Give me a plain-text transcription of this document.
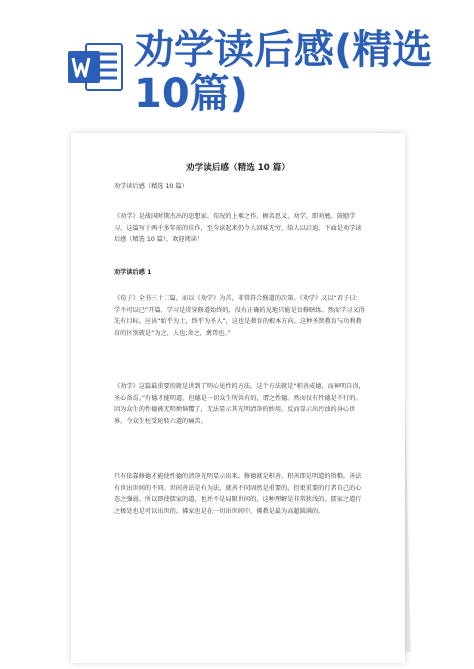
劝学读后感(精选10篇)
劝学读后感（精选 10 篇）
劝学读后感（精选 10 篇）
《劝学》是战国时期杰出的思想家、荀况的上乘之作。顾名思义，劝学，即劝勉、鼓励学习。这篇写于两千多年前的佳作，至今读起来仍令人回味无穷，给人以启迪。下面是劝学读后感（精选 10 篇），欢迎阅读！
劝学读后感 1
《荀子》全书三十二篇，而以《劝学》为首，非常符合修道的次第。《劝学》又以“君子曰：学不可以已”开篇。学习是贯穿修道始终的，没有正确的见地只能是盲修瞎练。然而学习又得先有目标。应该“始乎为士，终乎为圣人”，这也是教育的根本方向。这种圣贤教育与功利教育的区别就是“为之，人也;舍之，禽兽也。”
《劝学》这篇最重要的就是讲到了明心见性的方法。这个方法就是“积善成德，而神明自得，圣心备焉。”有德才能明道。但德是一切众生所共有的，谓之性德。然而仅有性德是不行的。因为众生的性德被无明烦恼覆了，无法显示其光明清净的妙用，反而显示出污浊的身心世界，令众生枉受轮转六道的痛苦。
只有依靠修德才能使性德的清净光明显示出来。修德就是积善，积善即是明道的资粮。善法有世出世间的不同。世间善法是有为法，就善不同固然是重要的，但更重要的行者自己的心态之强弱。所以即使儒家的道，也并不是局限世间的，这种理解是非常狭浅的。儒家之道行之极处也是可以出世的。佛家也是在一切出世间中、佛教是最为高超圆满的。
